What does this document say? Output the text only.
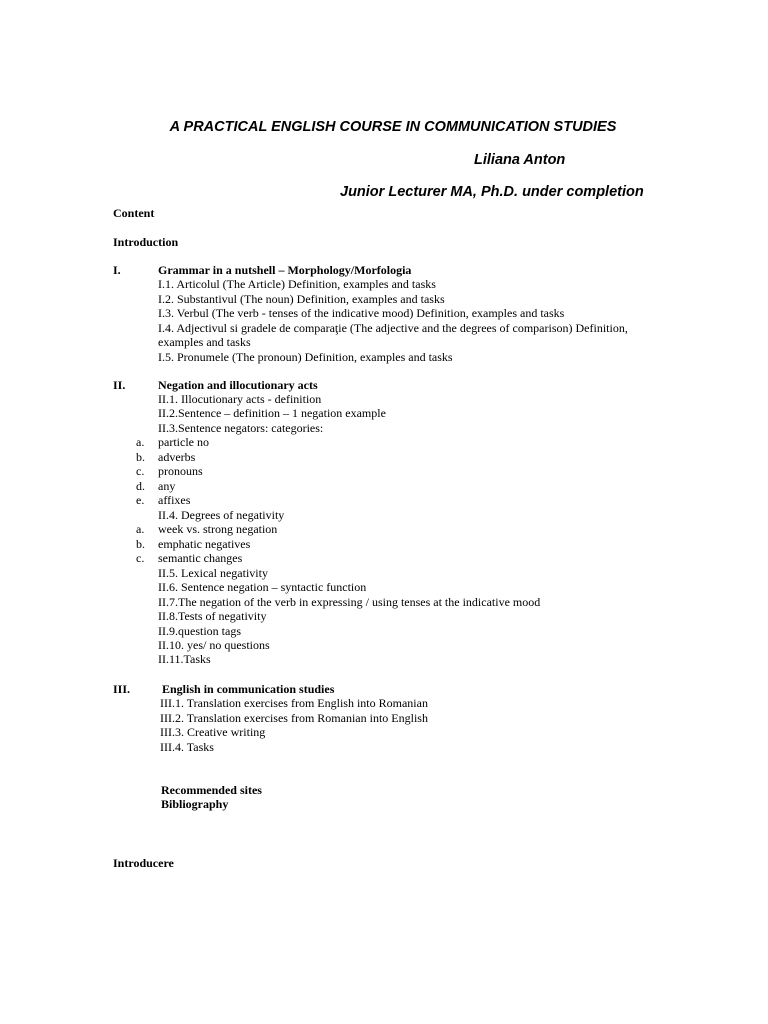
A PRACTICAL ENGLISH COURSE IN COMMUNICATION STUDIES
Liliana Anton
Junior Lecturer MA, Ph.D. under completion
Content
Introduction
I.	Grammar in a nutshell – Morphology/Morfologia
I.1. Articolul (The Article) Definition, examples and tasks
I.2. Substantivul (The noun) Definition, examples and tasks
I.3. Verbul (The verb - tenses of the indicative mood) Definition, examples and tasks
I.4. Adjectivul si gradele de comparaţie (The adjective and the degrees of comparison) Definition,
examples and tasks
I.5. Pronumele (The pronoun) Definition, examples and tasks
II.	Negation and illocutionary acts
II.1. Illocutionary acts - definition
II.2.Sentence – definition – 1 negation example
II.3.Sentence negators: categories:
a. particle no
b. adverbs
c. pronouns
d. any
e. affixes
II.4. Degrees of negativity
a. week vs. strong negation
b. emphatic negatives
c. semantic changes
II.5. Lexical negativity
II.6. Sentence negation – syntactic function
II.7.The negation of the verb in expressing / using tenses at the indicative mood
II.8.Tests of negativity
II.9.question tags
II.10. yes/ no questions
II.11.Tasks
III.	English in communication studies
III.1. Translation exercises from English into Romanian
III.2. Translation exercises from Romanian into English
III.3. Creative writing
III.4. Tasks
Recommended sites
Bibliography
Introducere
